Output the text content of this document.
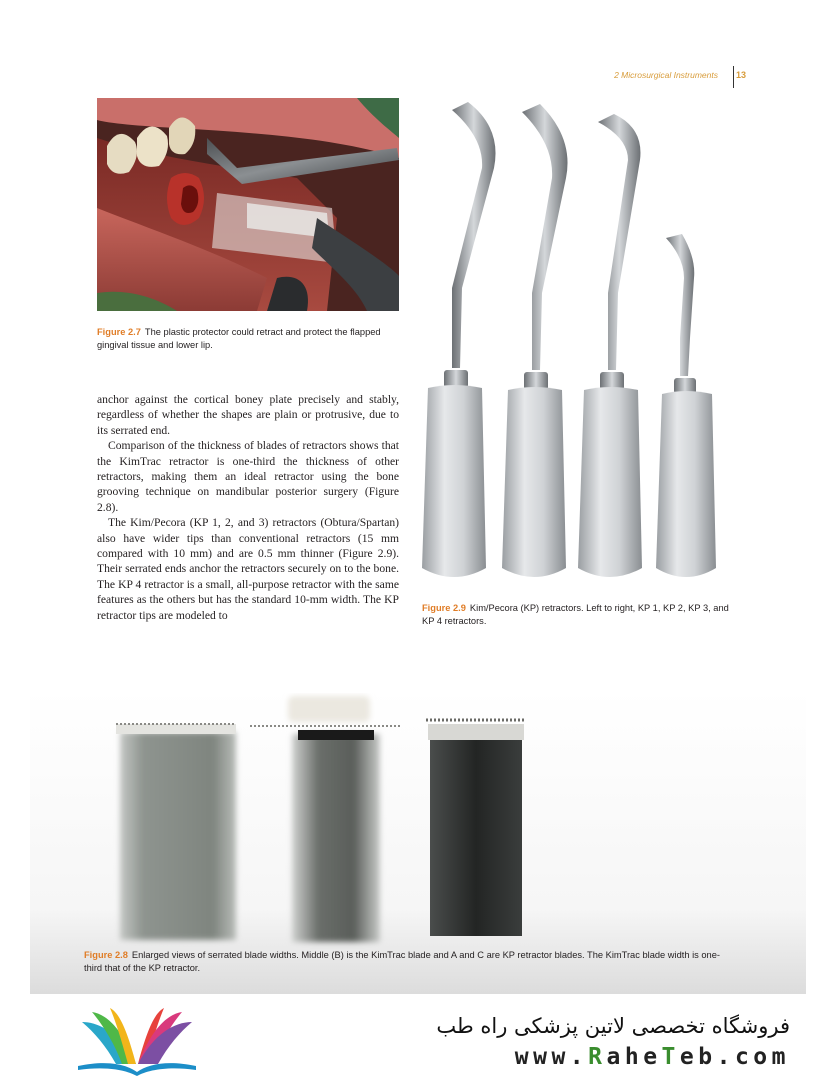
2 Microsurgical Instruments 13
Figure 2.7 The plastic protector could retract and protect the flapped gingival tissue and lower lip.
Figure 2.9 Kim/Pecora (KP) retractors. Left to right, KP 1, KP 2, KP 3, and KP 4 retractors.

anchor against the cortical boney plate precisely and stably, regardless of whether the shapes are plain or protrusive, due to its serrated end.

Comparison of the thickness of blades of retractors shows that the KimTrac retractor is one-third the thickness of other retractors, making them an ideal retractor using the bone grooving technique on mandibular posterior surgery (Figure 2.8).

The Kim/Pecora (KP 1, 2, and 3) retractors (Obtura/Spartan) also have wider tips than conventional retractors (15 mm compared with 10 mm) and are 0.5 mm thinner (Figure 2.9). Their serrated ends anchor the retractors securely on to the bone. The KP 4 retractor is a small, all-purpose retractor with the same features as the others but has the standard 10-mm width. The KP retractor tips are modeled to

Figure 2.8 Enlarged views of serrated blade widths. Middle (B) is the KimTrac blade and A and C are KP retractor blades. The KimTrac blade width is one-third that of the KP retractor.
فروشگاه تخصصی لاتین پزشکی راه طب
www.RaheTeb.com
